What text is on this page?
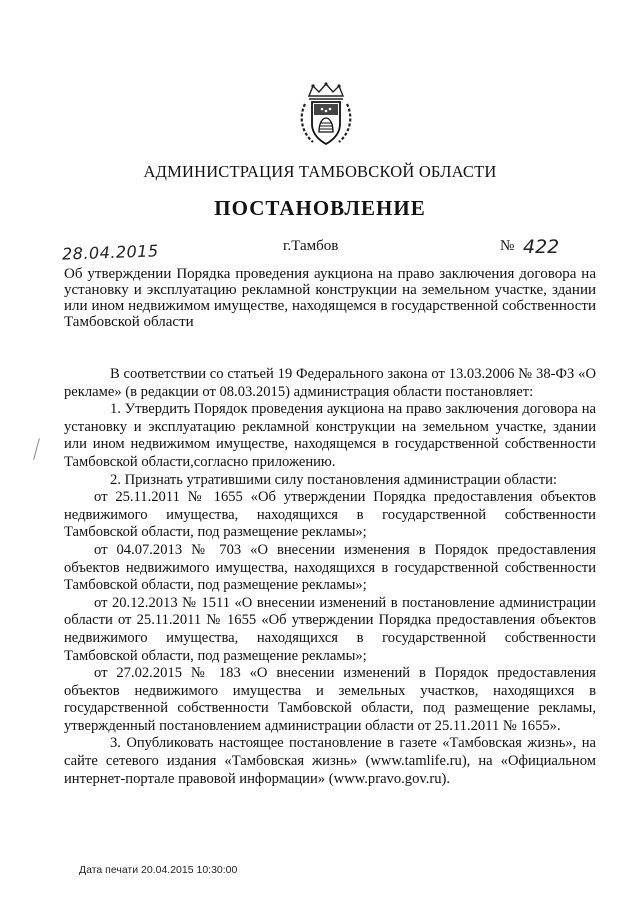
АДМИНИСТРАЦИЯ ТАМБОВСКОЙ ОБЛАСТИ
ПОСТАНОВЛЕНИЕ
28.04.2015	г.Тамбов	№ 422
Об утверждении Порядка проведения аукциона на право заключения договора на установку и эксплуатацию рекламной конструкции на земельном участке, здании или ином недвижимом имуществе, находящемся в государственной собственности Тамбовской области

В соответствии со статьей 19 Федерального закона от 13.03.2006 № 38-ФЗ «О рекламе» (в редакции от 08.03.2015) администрация области постановляет:

1. Утвердить Порядок проведения аукциона на право заключения договора на установку и эксплуатацию рекламной конструкции на земельном участке, здании или ином недвижимом имуществе, находящемся в государственной собственности Тамбовской области,согласно приложению.

2. Признать утратившими силу постановления администрации области:

от 25.11.2011 № 1655 «Об утверждении Порядка предоставления объектов недвижимого имущества, находящихся в государственной собственности Тамбовской области, под размещение рекламы»;

от 04.07.2013 № 703 «О внесении изменения в Порядок предоставления объектов недвижимого имущества, находящихся в государственной собственности Тамбовской области, под размещение рекламы»;

от 20.12.2013 № 1511 «О внесении изменений в постановление администрации области от 25.11.2011 № 1655 «Об утверждении Порядка предоставления объектов недвижимого имущества, находящихся в государственной собственности Тамбовской области, под размещение рекламы»;

от 27.02.2015 № 183 «О внесении изменений в Порядок предоставления объектов недвижимого имущества и земельных участков, находящихся в государственной собственности Тамбовской области, под размещение рекламы, утвержденный постановлением администрации области от 25.11.2011 № 1655».

3. Опубликовать настоящее постановление в газете «Тамбовская жизнь», на сайте сетевого издания «Тамбовская жизнь» (www.tamlife.ru), на «Официальном интернет-портале правовой информации» (www.pravo.gov.ru).

Дата печати 20.04.2015 10:30:00
